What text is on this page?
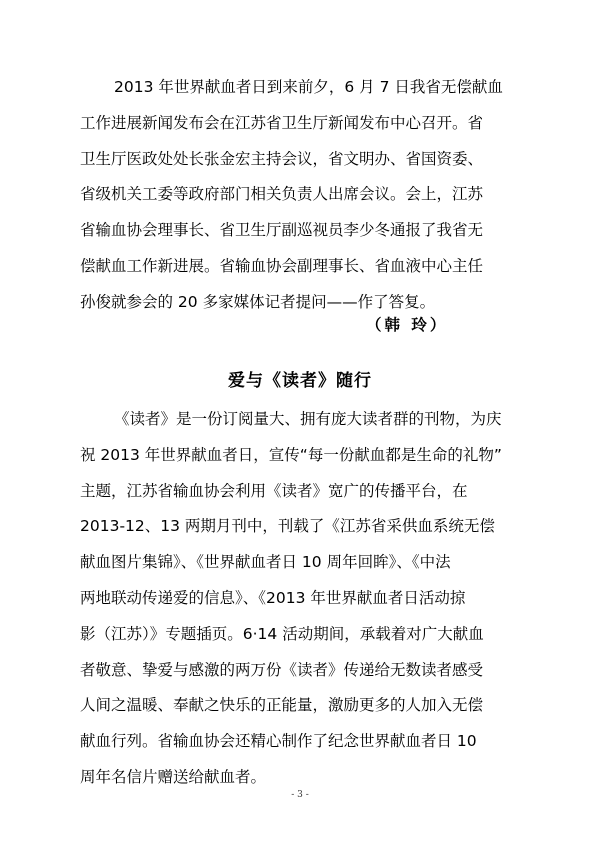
2013 年世界献血者日到来前夕，6 月 7 日我省无偿献血
工作进展新闻发布会在江苏省卫生厅新闻发布中心召开。省
卫生厅医政处处长张金宏主持会议，省文明办、省国资委、
省级机关工委等政府部门相关负责人出席会议。会上，江苏
省输血协会理事长、省卫生厅副巡视员李少冬通报了我省无
偿献血工作新进展。省输血协会副理事长、省血液中心主任
孙俊就参会的 20 多家媒体记者提问——作了答复。
（韩 玲）
爱与《读者》随行
《读者》是一份订阅量大、拥有庞大读者群的刊物，为庆
祝 2013 年世界献血者日，宣传“每一份献血都是生命的礼物”
主题，江苏省输血协会利用《读者》宽广的传播平台，在
2013-12、13 两期月刊中，刊载了《江苏省采供血系统无偿
献血图片集锦》、《世界献血者日 10 周年回眸》、《中法
两地联动传递爱的信息》、《2013 年世界献血者日活动掠
影（江苏）》专题插页。6·14 活动期间，承载着对广大献血
者敬意、挚爱与感激的两万份《读者》传递给无数读者感受
人间之温暖、奉献之快乐的正能量，激励更多的人加入无偿
献血行列。省输血协会还精心制作了纪念世界献血者日 10
周年名信片赠送给献血者。
- 3 -
